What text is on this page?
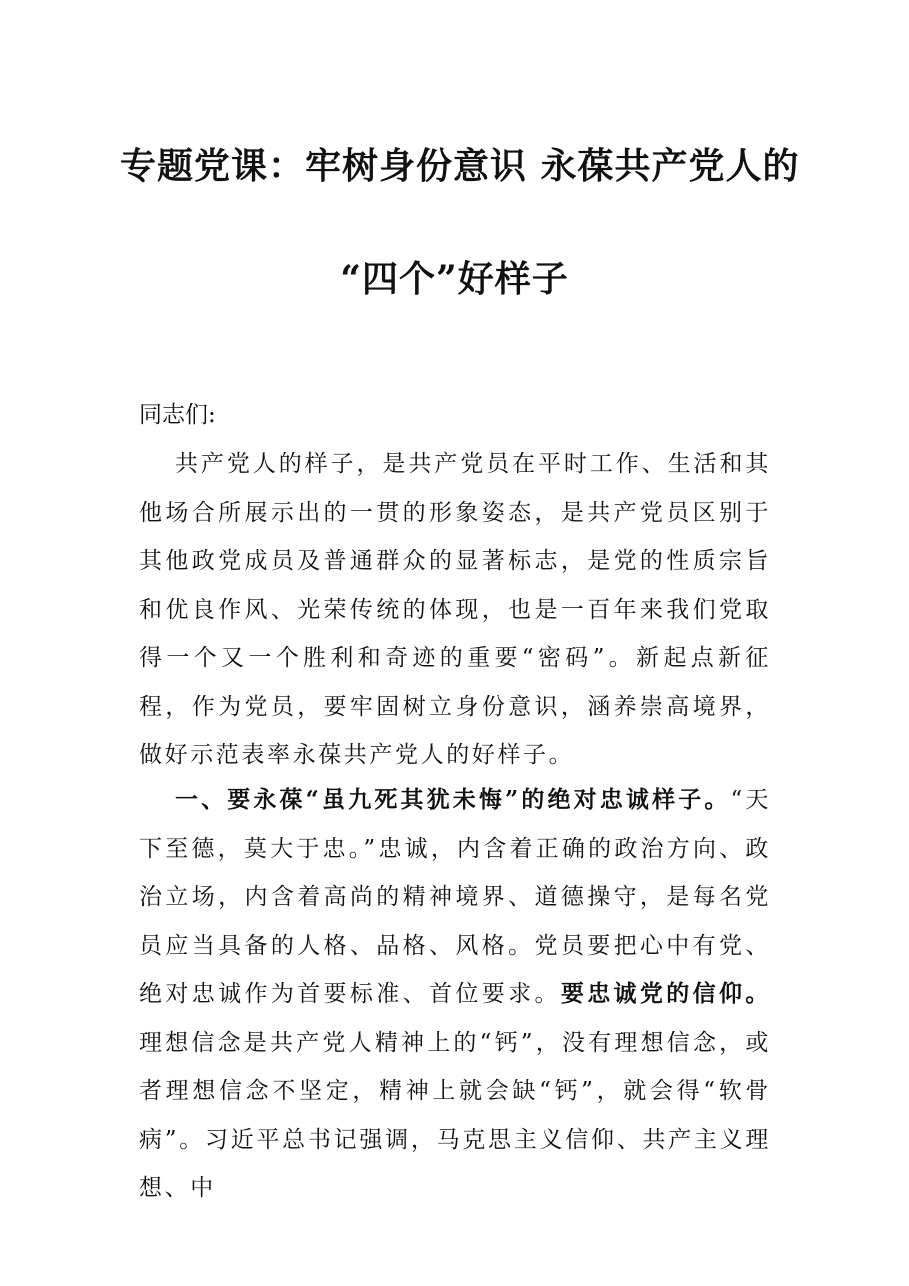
专题党课：牢树身份意识 永葆共产党人的
“四个”好样子
同志们:
共产党人的样子，是共产党员在平时工作、生活和其他场合所展示出的一贯的形象姿态，是共产党员区别于其他政党成员及普通群众的显著标志，是党的性质宗旨和优良作风、光荣传统的体现，也是一百年来我们党取得一个又一个胜利和奇迹的重要“密码”。新起点新征程，作为党员，要牢固树立身份意识，涵养崇高境界，做好示范表率永葆共产党人的好样子。
一、要永葆“虽九死其犹未悔”的绝对忠诚样子。“天下至德，莫大于忠。”忠诚，内含着正确的政治方向、政治立场，内含着高尚的精神境界、道德操守，是每名党员应当具备的人格、品格、风格。党员要把心中有党、绝对忠诚作为首要标准、首位要求。要忠诚党的信仰。理想信念是共产党人精神上的“钙”，没有理想信念，或者理想信念不坚定，精神上就会缺“钙”，就会得“软骨病”。习近平总书记强调，马克思主义信仰、共产主义理想、中
